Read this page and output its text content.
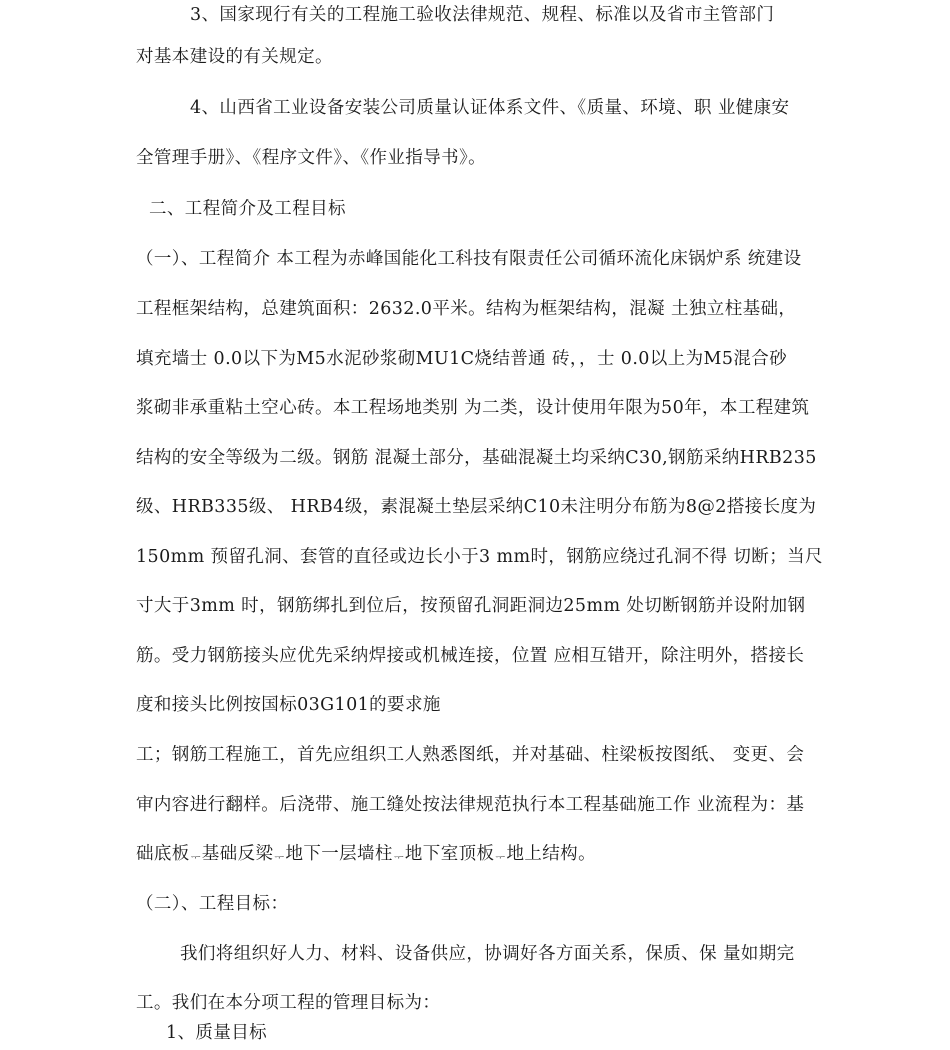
3、国家现行有关的工程施工验收法律规范、规程、标准以及省市主管部门
对基本建设的有关规定。
4、山西省工业设备安装公司质量认证体系文件、《质量、环境、职 业健康安
全管理手册》、《程序文件》、《作业指导书》。
二、工程简介及工程目标
（一）、工程简介 本工程为赤峰国能化工科技有限责任公司循环流化床锅炉系 统建设
工程框架结构，总建筑面积：2632.0平米。结构为框架结构，混凝 土独立柱基础，
填充墙士 0.0以下为M5水泥砂浆砌MU1C烧结普通 砖，，士 0.0以上为M5混合砂
浆砌非承重粘土空心砖。本工程场地类别 为二类，设计使用年限为50年，本工程建筑
结构的安全等级为二级。钢筋 混凝土部分，基础混凝土均采纳C30,钢筋采纳HRB235
级、HRB335级、 HRB4级，素混凝土垫层采纳C10未注明分布筋为8@2搭接长度为
150mm 预留孔洞、套管的直径或边长小于3 mm时，钢筋应绕过孔洞不得 切断；当尺
寸大于3mm 时，钢筋绑扎到位后，按预留孔洞距洞边25mm 处切断钢筋并设附加钢
筋。受力钢筋接头应优先采纳焊接或机械连接，位置 应相互错开，除注明外，搭接长
度和接头比例按国标03G101的要求施
工；钢筋工程施工，首先应组织工人熟悉图纸，并对基础、柱梁板按图纸、 变更、会
审内容进行翻样。后浇带、施工缝处按法律规范执行本工程基础施工作 业流程为：基
础底板ᅮ基础反梁ᅮ地下一层墙柱ᅮ地下室顶板ᅮ地上结构。
（二）、工程目标：
我们将组织好人力、材料、设备供应，协调好各方面关系，保质、保 量如期完
工。我们在本分项工程的管理目标为：
1、质量目标
